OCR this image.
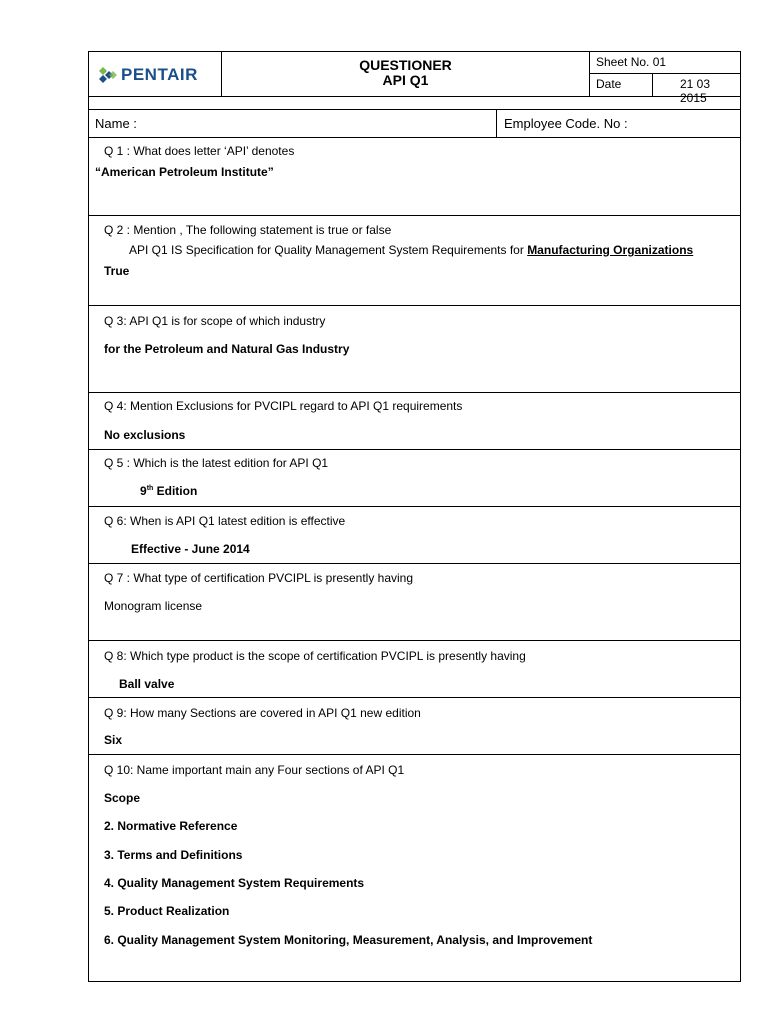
PENTAIR	QUESTIONER
API Q1
Sheet No. 01
Date	21 03 2015
Name :	Employee Code. No :
Q 1 : What does letter ‘API’ denotes
“American Petroleum Institute”
Q 2 : Mention , The following statement is true or false
API Q1 IS Specification for Quality Management System Requirements for Manufacturing Organizations
True
Q 3: API Q1 is for scope of which industry
for the Petroleum and Natural Gas Industry
Q 4: Mention Exclusions for PVCIPL regard to API Q1 requirements
No exclusions
Q 5 : Which is the latest edition for API Q1
9th Edition
Q 6: When is API Q1 latest edition is effective
Effective - June 2014
Q 7 : What type of certification PVCIPL is presently having
Monogram license
Q 8: Which type product is the scope of certification PVCIPL is presently having
Ball valve
Q 9: How many Sections are covered in API Q1 new edition
Six
Q 10: Name important main any Four sections of API Q1
Scope
2. Normative Reference
3. Terms and Definitions
4. Quality Management System Requirements
5. Product Realization
6. Quality Management System Monitoring, Measurement, Analysis, and Improvement
